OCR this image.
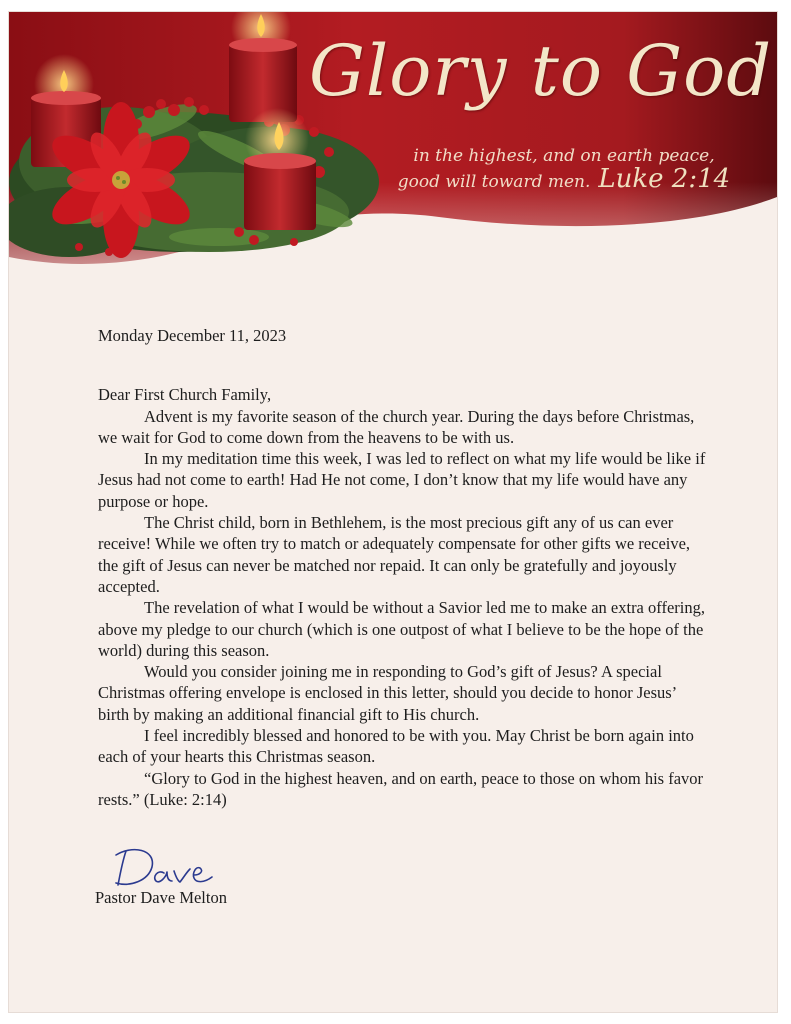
Glory to God
in the highest, and on earth peace,
good will toward men. Luke 2:14

Monday December 11, 2023

Dear First Church Family,

Advent is my favorite season of the church year. During the days before Christmas, we wait for God to come down from the heavens to be with us.

In my meditation time this week, I was led to reflect on what my life would be like if Jesus had not come to earth! Had He not come, I don’t know that my life would have any purpose or hope.

The Christ child, born in Bethlehem, is the most precious gift any of us can ever receive! While we often try to match or adequately compensate for other gifts we receive, the gift of Jesus can never be matched nor repaid. It can only be gratefully and joyously accepted.

The revelation of what I would be without a Savior led me to make an extra offering, above my pledge to our church (which is one outpost of what I believe to be the hope of the world) during this season.

Would you consider joining me in responding to God’s gift of Jesus? A special Christmas offering envelope is enclosed in this letter, should you decide to honor Jesus’ birth by making an additional financial gift to His church.

I feel incredibly blessed and honored to be with you. May Christ be born again into each of your hearts this Christmas season.

“Glory to God in the highest heaven, and on earth, peace to those on whom his favor rests.” (Luke: 2:14)

Pastor Dave Melton
